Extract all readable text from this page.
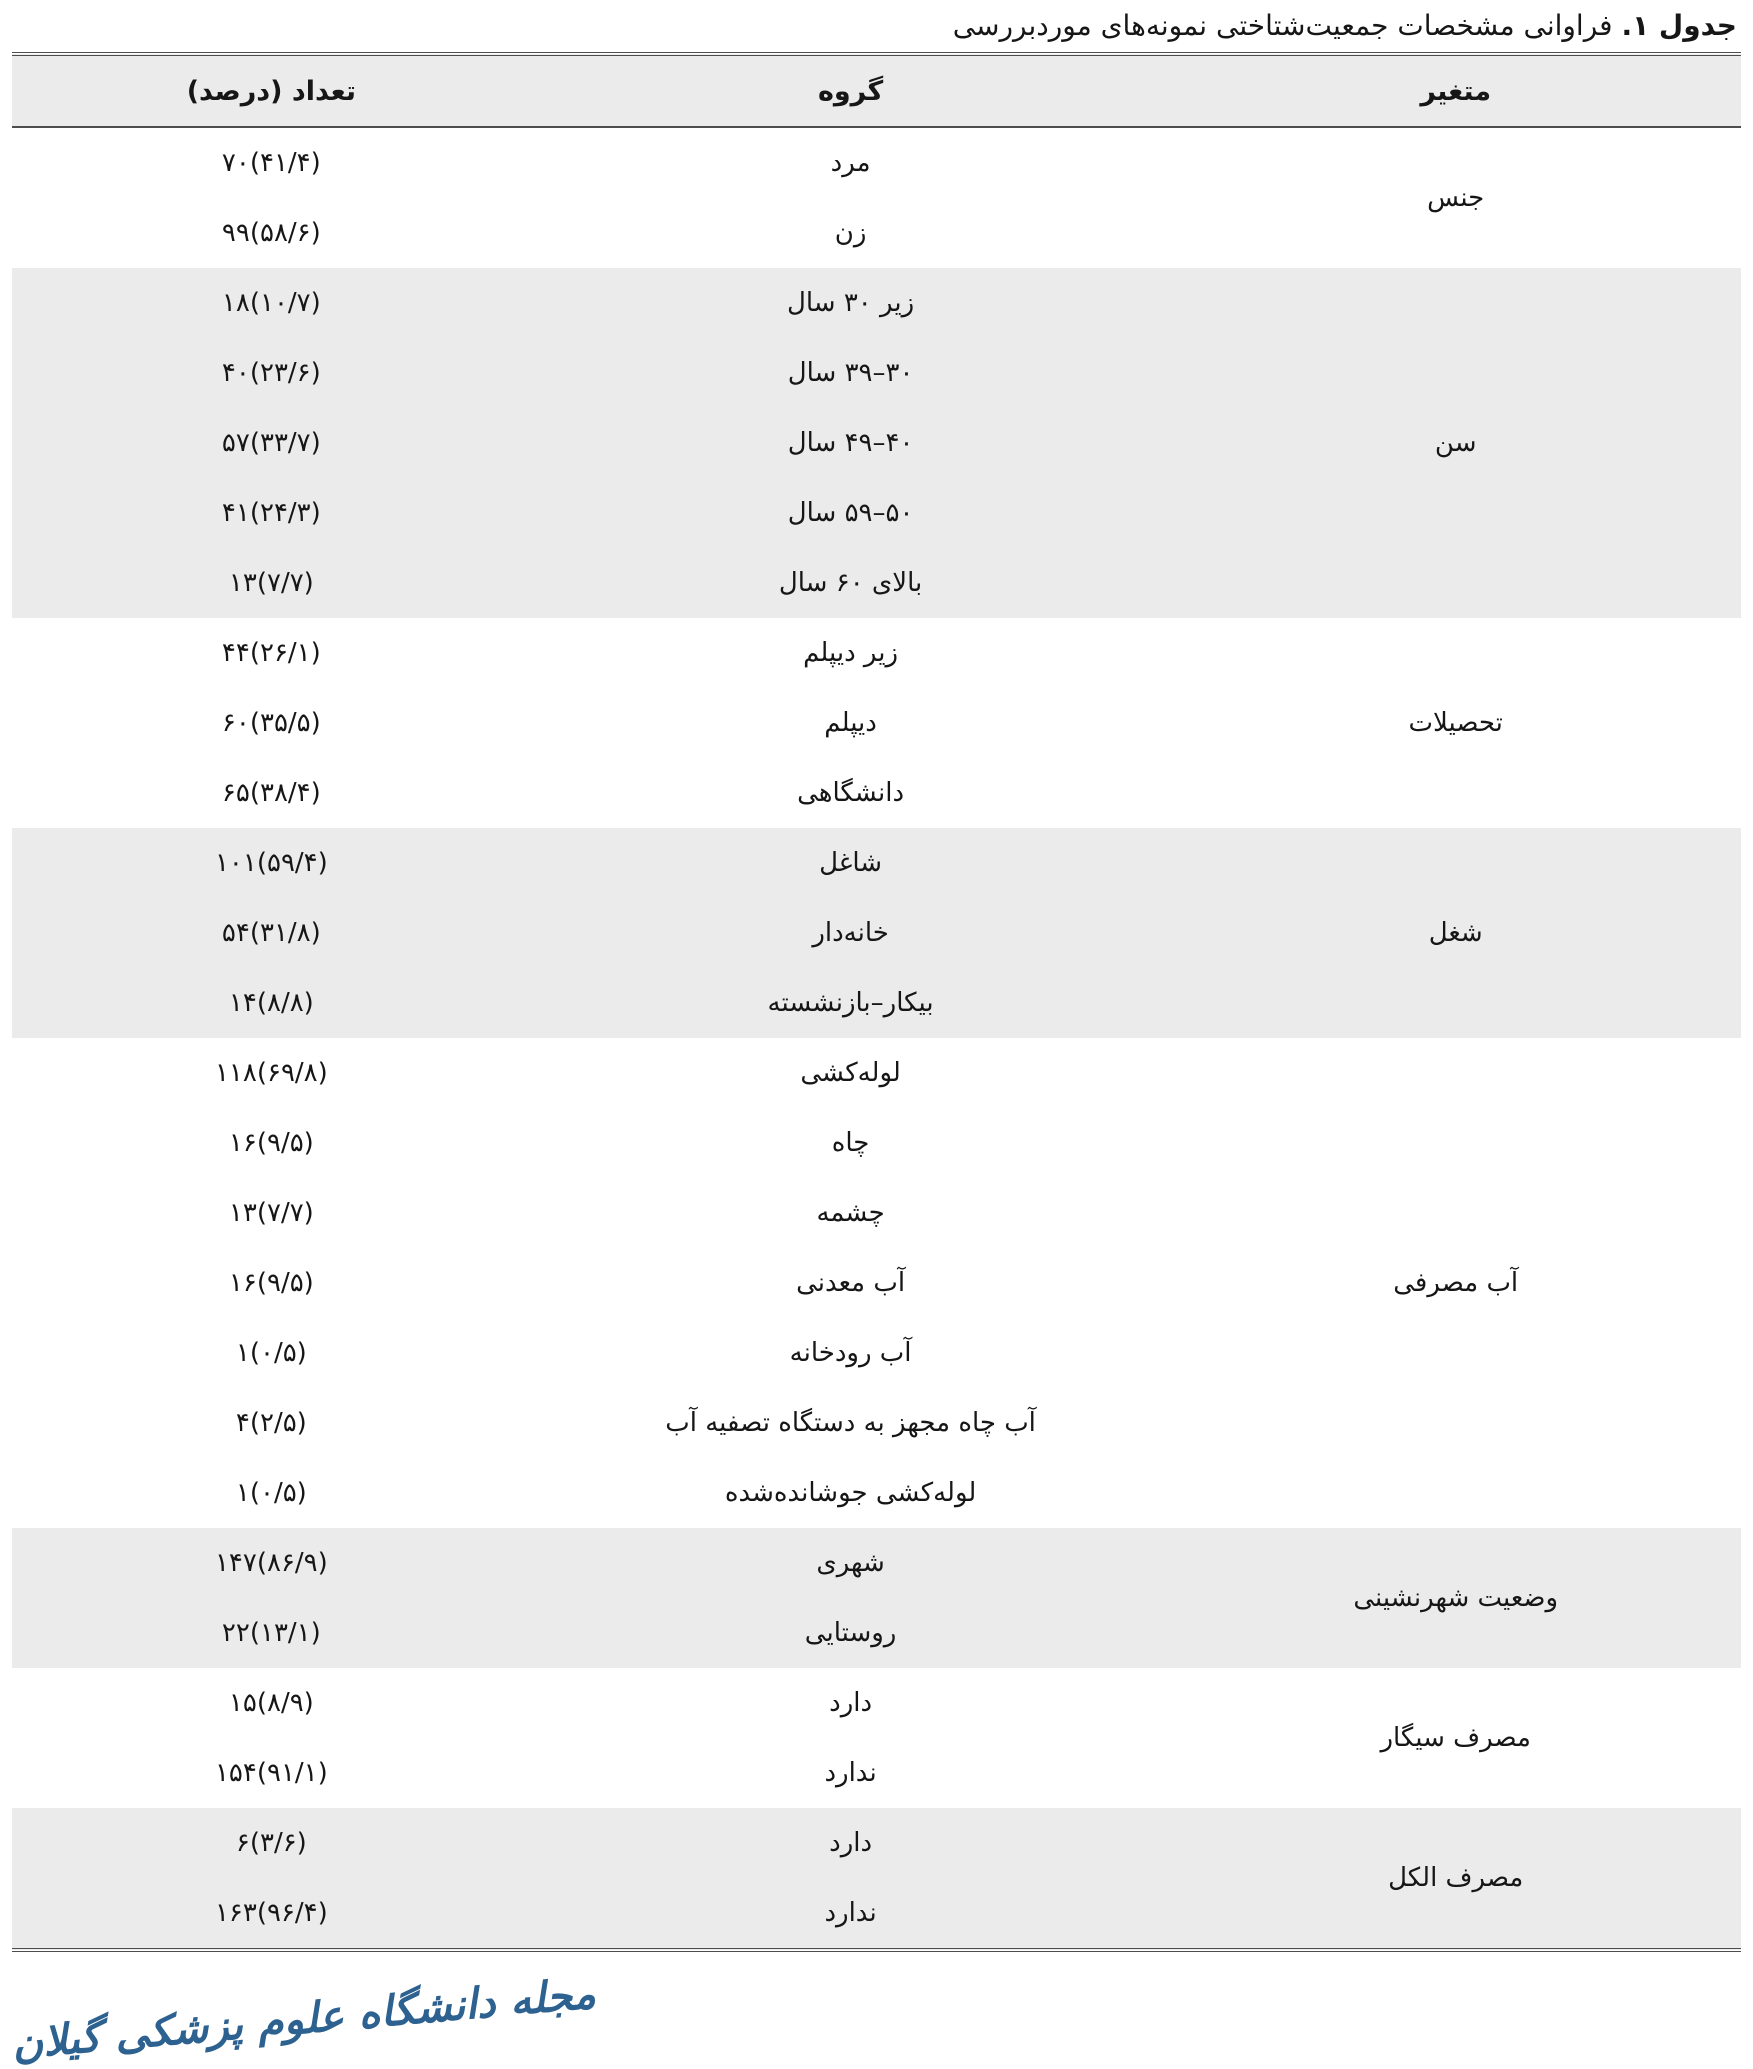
جدول ۱. فراوانی مشخصات جمعیت‌شتاختی نمونه‌های موردبررسی
متغیر	گروه	تعداد (درصد)
جنس	مرد	۷۰(۴۱/۴)
	زن	۹۹(۵۸/۶)
سن	زیر ۳۰ سال	۱۸(۱۰/۷)
	۳۰–۳۹ سال	۴۰(۲۳/۶)
	۴۰–۴۹ سال	۵۷(۳۳/۷)
	۵۰–۵۹ سال	۴۱(۲۴/۳)
	بالای ۶۰ سال	۱۳(۷/۷)
تحصیلات	زیر دیپلم	۴۴(۲۶/۱)
	دیپلم	۶۰(۳۵/۵)
	دانشگاهی	۶۵(۳۸/۴)
شغل	شاغل	۱۰۱(۵۹/۴)
	خانه‌دار	۵۴(۳۱/۸)
	بیکار–بازنشسته	۱۴(۸/۸)
آب مصرفی	لوله‌کشی	۱۱۸(۶۹/۸)
	چاه	۱۶(۹/۵)
	چشمه	۱۳(۷/۷)
	آب معدنی	۱۶(۹/۵)
	آب رودخانه	۱(۰/۵)
	آب چاه مجهز به دستگاه تصفیه آب	۴(۲/۵)
	لوله‌کشی جوشانده‌شده	۱(۰/۵)
وضعیت شهرنشینی	شهری	۱۴۷(۸۶/۹)
	روستایی	۲۲(۱۳/۱)
مصرف سیگار	دارد	۱۵(۸/۹)
	ندارد	۱۵۴(۹۱/۱)
مصرف الکل	دارد	۶(۳/۶)
	ندارد	۱۶۳(۹۶/۴)
مجله دانشگاه علوم پزشکی گیلان
